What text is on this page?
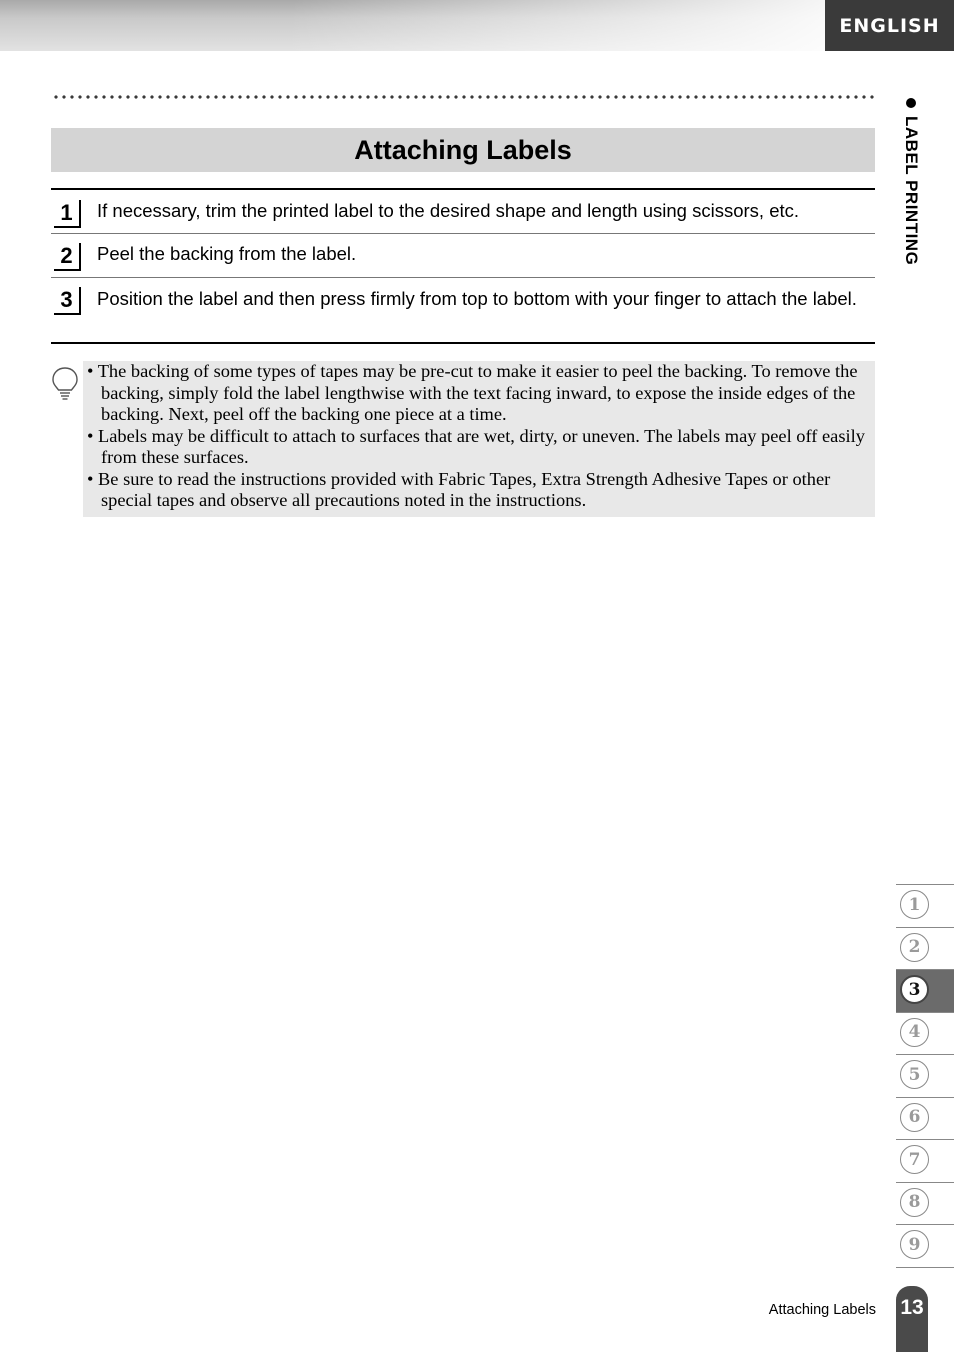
ENGLISH
LABEL PRINTING
Attaching Labels
1	If necessary, trim the printed label to the desired shape and length using scissors, etc.
2	Peel the backing from the label.
3	Position the label and then press firmly from top to bottom with your finger to attach the label.
• The backing of some types of tapes may be pre-cut to make it easier to peel the backing. To remove the backing, simply fold the label lengthwise with the text facing inward, to expose the inside edges of the backing. Next, peel off the backing one piece at a time.
• Labels may be difficult to attach to surfaces that are wet, dirty, or uneven. The labels may peel off easily from these surfaces.
• Be sure to read the instructions provided with Fabric Tapes, Extra Strength Adhesive Tapes or other special tapes and observe all precautions noted in the instructions.
1
2
3
4
5
6
7
8
9
Attaching Labels 13
